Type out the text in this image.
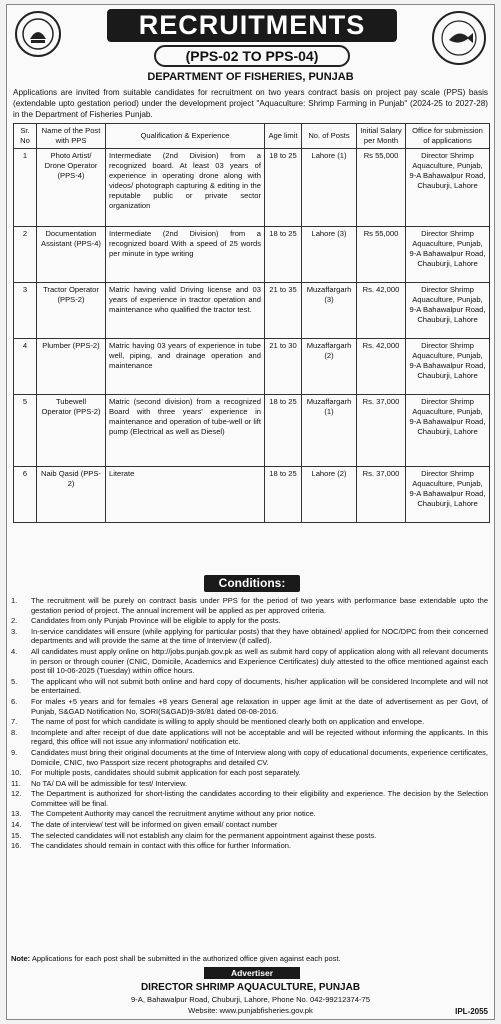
RECRUITMENTS
(PPS-02 TO PPS-04)
DEPARTMENT OF FISHERIES, PUNJAB
Applications are invited from suitable candidates for recruitment on two years contract basis on project pay scale (PPS) basis (extendable upto gestation period) under the development project "Aquaculture: Shrimp Farming in Punjab" (2024-25 to 2027-28) in the Department of Fisheries Punjab.
Sr. No	Name of the Post with PPS	Qualification & Experience	Age limit	No. of Posts	Initial Salary per Month	Office for submission of applications
1	Photo Artist/ Drone Operator (PPS-4)	Intermediate (2nd Division) from a recognized board. At least 03 years of experience in operating drone along with videos/ photograph capturing & editing in the reputable public or private sector organization	18 to 25	Lahore (1)	Rs 55,000	Director Shrimp Aquaculture, Punjab, 9-A Bahawalpur Road, Chauburji, Lahore
2	Documentation Assistant (PPS-4)	Intermediate (2nd Division) from a recognized board With a speed of 25 words per minute in type writing	18 to 25	Lahore (3)	Rs 55,000	Director Shrimp Aquaculture, Punjab, 9-A Bahawalpur Road, Chauburji, Lahore
3	Tractor Operator (PPS-2)	Matric having valid Driving license and 03 years of experience in tractor operation and maintenance who qualified the tractor test.	21 to 35	Muzaffargarh (3)	Rs. 42,000	Director Shrimp Aquaculture, Punjab, 9-A Bahawalpur Road, Chauburji, Lahore
4	Plumber (PPS-2)	Matric having 03 years of experience in tube well, piping, and drainage operation and maintenance	21 to 30	Muzaffargarh (2)	Rs. 42,000	Director Shrimp Aquaculture, Punjab, 9-A Bahawalpur Road, Chauburji, Lahore
5	Tubewell Operator (PPS-2)	Matric (second division) from a recognized Board with three years' experience in maintenance and operation of tube-well or lift pump (Electrical as well as Diesel)	18 to 25	Muzaffargarh (1)	Rs. 37,000	Director Shrimp Aquaculture, Punjab, 9-A Bahawalpur Road, Chauburji, Lahore
6	Naib Qasid (PPS-2)	Literate	18 to 25	Lahore (2)	Rs. 37,000	Director Shrimp Aquaculture, Punjab, 9-A Bahawalpur Road, Chauburji, Lahore
Conditions:
1.	The recruitment will be purely on contract basis under PPS for the period of two years with performance base extendable upto the gestation period of project. The annual increment will be applied as per approved criteria.
2.	Candidates from only Punjab Province will be eligible to apply for the posts.
3.	In-service candidates will ensure (while applying for particular posts) that they have obtained/ applied for NOC/DPC from their concerned departments and will provide the same at the time of Interview (if called).
4.	All candidates must apply online on http://jobs.punjab.gov.pk as well as submit hard copy of application along with all relevant documents in person or through courier (CNIC, Domicile, Academics and Experience Certificates) duly attested to the office mentioned against each post till 10-06-2025 (Tuesday) within office hours.
5.	The applicant who will not submit both online and hard copy of documents, his/her application will be considered Incomplete and will not be entertained.
6.	For males +5 years and for females +8 years General age relaxation in upper age limit at the date of advertisement as per Govt, of Punjab, S&GAD Notification No, SORI(S&GAD)9-36/81 dated 08-08-2016.
7.	The name of post for which candidate is willing to apply should be mentioned clearly both on application and envelope.
8.	Incomplete and after receipt of due date applications will not be acceptable and will be rejected without informing the applicants. In this regard, this office will not issue any information/ notification etc.
9.	Candidates must bring their original documents at the time of Interview along with copy of educational documents, experience certificates, Domicile, CNIC, two Passport size recent photographs and detailed CV.
10.	For multiple posts, candidates should submit application for each post separately.
11.	No TA/ DA will be admissible for test/ Interview.
12.	The Department is authorized for short-listing the candidates according to their eligibility and experience. The decision by the Selection Committee will be final.
13.	The Competent Authority may cancel the recruitment anytime without any prior notice.
14.	The date of interview/ test will be informed on given email/ contact number
15.	The selected candidates will not establish any claim for the permanent appointment against these posts.
16.	The candidates should remain in contact with this office for further Information.
Note: Applications for each post shall be submitted in the authorized office given against each post.
Advertiser
DIRECTOR SHRIMP AQUACULTURE, PUNJAB
9-A, Bahawalpur Road, Chuburji, Lahore, Phone No. 042-99212374-75
Website: www.punjabfisheries.gov.pk	IPL-2055
